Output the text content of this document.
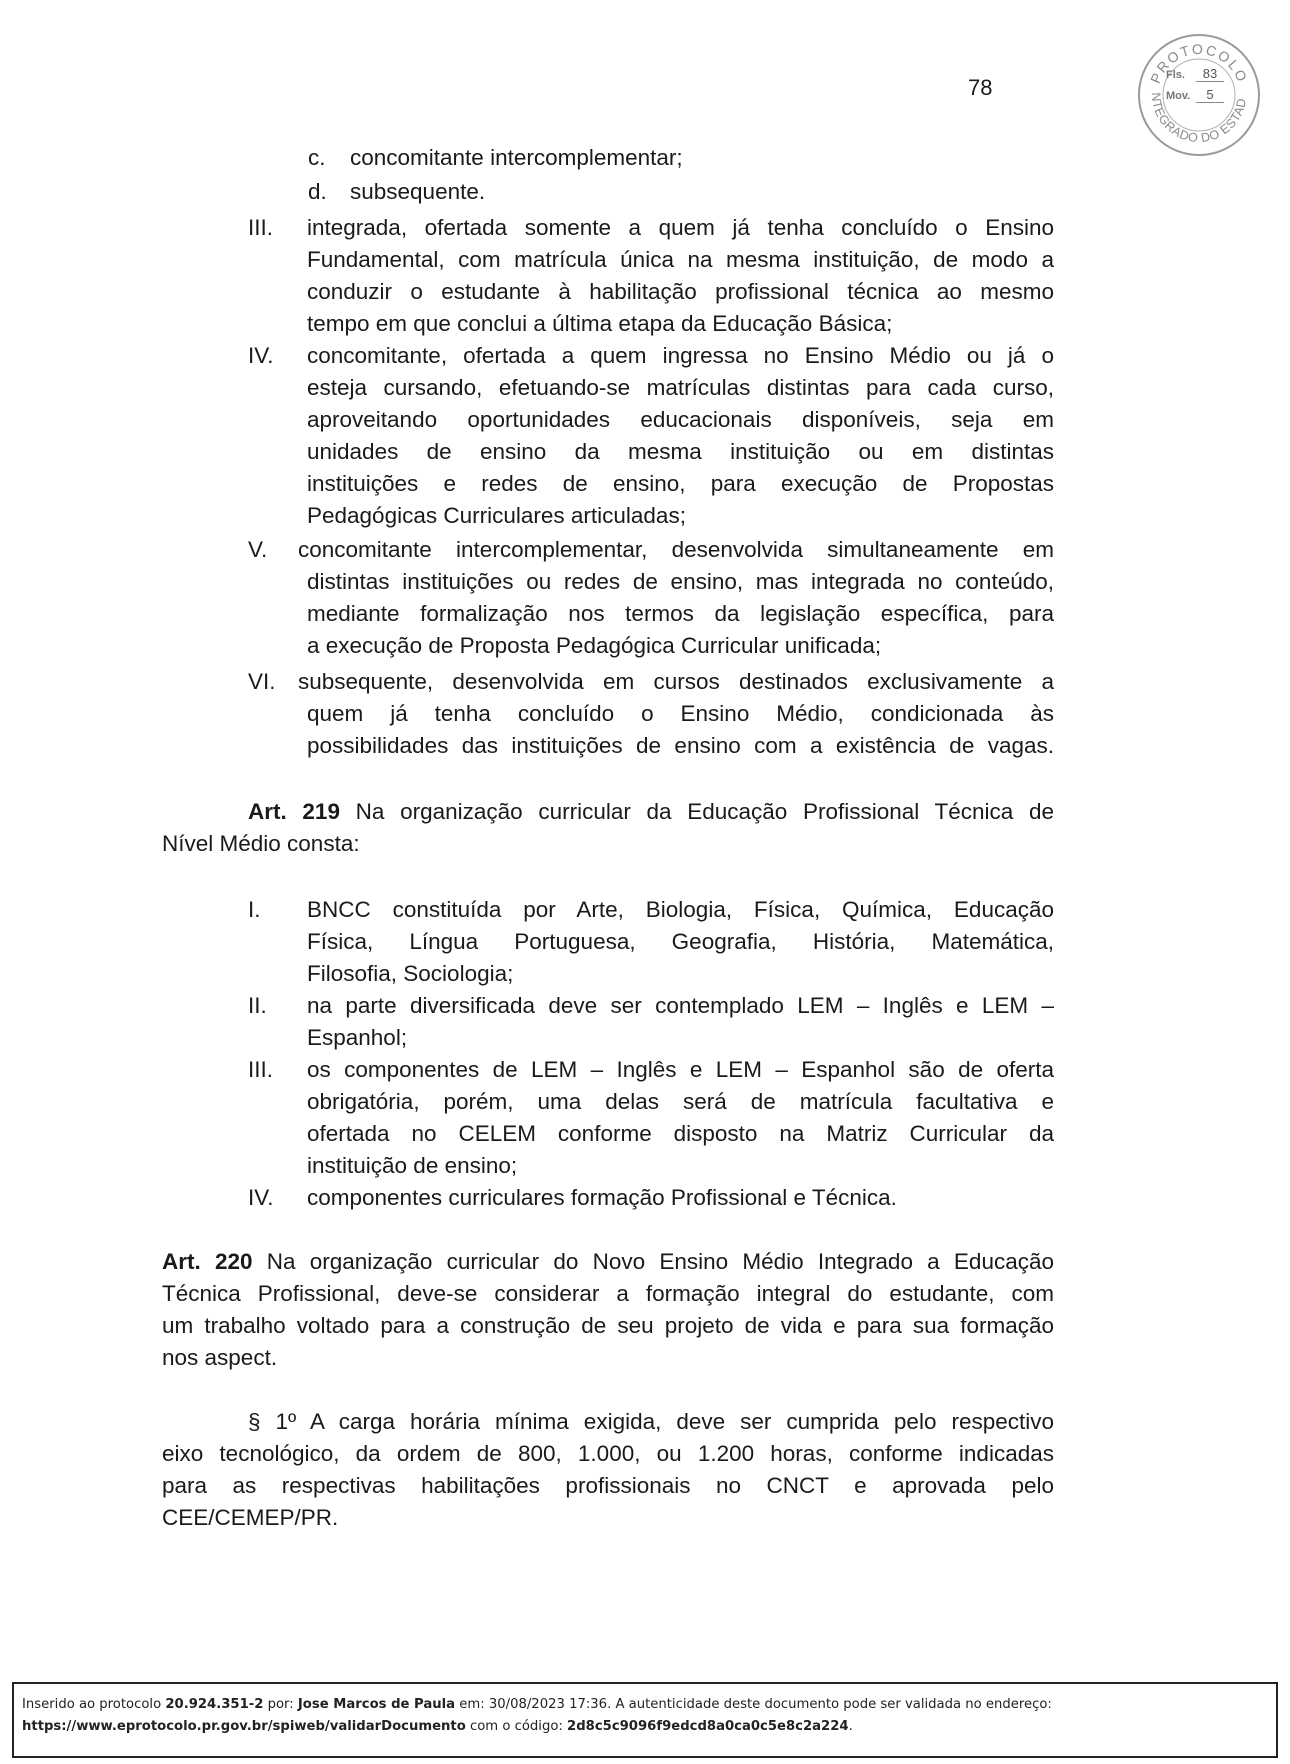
78	PROTOCOLO
NTEGRADO DO ESTAD
Fls. 83
Mov. 5
c. concomitante intercomplementar;
d. subsequente.
III. integrada, ofertada somente a quem já tenha concluído o Ensino
Fundamental, com matrícula única na mesma instituição, de modo a
conduzir o estudante à habilitação profissional técnica ao mesmo
tempo em que conclui a última etapa da Educação Básica;
IV. concomitante, ofertada a quem ingressa no Ensino Médio ou já o
esteja cursando, efetuando-se matrículas distintas para cada curso,
aproveitando oportunidades educacionais disponíveis, seja em
unidades de ensino da mesma instituição ou em distintas
instituições e redes de ensino, para execução de Propostas
Pedagógicas Curriculares articuladas;
V. concomitante intercomplementar, desenvolvida simultaneamente em
distintas instituições ou redes de ensino, mas integrada no conteúdo,
mediante formalização nos termos da legislação específica, para
a execução de Proposta Pedagógica Curricular unificada;
VI. subsequente, desenvolvida em cursos destinados exclusivamente a
quem já tenha concluído o Ensino Médio, condicionada às
possibilidades das instituições de ensino com a existência de vagas.
Art. 219 Na organização curricular da Educação Profissional Técnica de
Nível Médio consta:
I. BNCC constituída por Arte, Biologia, Física, Química, Educação
Física, Língua Portuguesa, Geografia, História, Matemática,
Filosofia, Sociologia;
II. na parte diversificada deve ser contemplado LEM – Inglês e LEM –
Espanhol;
III. os componentes de LEM – Inglês e LEM – Espanhol são de oferta
obrigatória, porém, uma delas será de matrícula facultativa e
ofertada no CELEM conforme disposto na Matriz Curricular da
instituição de ensino;
IV. componentes curriculares formação Profissional e Técnica.
Art. 220 Na organização curricular do Novo Ensino Médio Integrado a Educação
Técnica Profissional, deve-se considerar a formação integral do estudante, com
um trabalho voltado para a construção de seu projeto de vida e para sua formação
nos aspect.
§ 1º A carga horária mínima exigida, deve ser cumprida pelo respectivo
eixo tecnológico, da ordem de 800, 1.000, ou 1.200 horas, conforme indicadas
para as respectivas habilitações profissionais no CNCT e aprovada pelo
CEE/CEMEP/PR.
Inserido ao protocolo 20.924.351-2 por: Jose Marcos de Paula em: 30/08/2023 17:36. A autenticidade deste documento pode ser validada no endereço:
https://www.eprotocolo.pr.gov.br/spiweb/validarDocumento com o código: 2d8c5c9096f9edcd8a0ca0c5e8c2a224.
